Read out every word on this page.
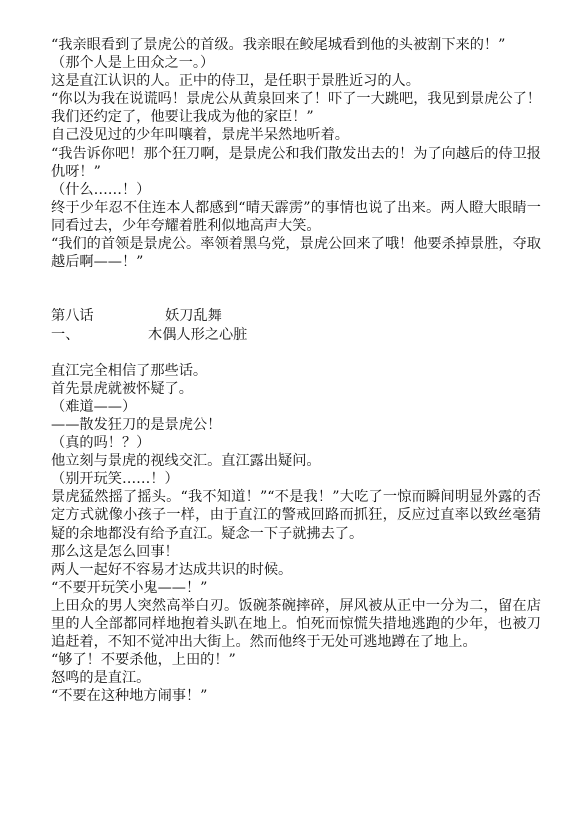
“我亲眼看到了景虎公的首级。我亲眼在鲛尾城看到他的头被割下来的！”

（那个人是上田众之一。）

这是直江认识的人。正中的侍卫，是任职于景胜近习的人。

“你以为我在说谎吗！景虎公从黄泉回来了！吓了一大跳吧，我见到景虎公了！我们还约定了，他要让我成为他的家臣！”

自己没见过的少年叫嚷着，景虎半呆然地听着。

“我告诉你吧！那个狂刀啊，是景虎公和我们散发出去的！为了向越后的侍卫报仇呀！”

（什么……！）

终于少年忍不住连本人都感到“晴天霹雳”的事情也说了出来。两人瞪大眼睛一同看过去，少年夸耀着胜利似地高声大笑。

“我们的首领是景虎公。率领着黑乌党，景虎公回来了哦！他要杀掉景胜，夺取越后啊——！”

第八话	妖刀乱舞
一、	木偶人形之心脏

直江完全相信了那些话。

首先景虎就被怀疑了。

（难道——）

——散发狂刀的是景虎公！

（真的吗！？）

他立刻与景虎的视线交汇。直江露出疑问。

（别开玩笑……！）

景虎猛然摇了摇头。“我不知道！”“不是我！”大吃了一惊而瞬间明显外露的否定方式就像小孩子一样，由于直江的警戒回路而抓狂，反应过直率以致丝毫猜疑的余地都没有给予直江。疑念一下子就拂去了。

那么这是怎么回事！

两人一起好不容易才达成共识的时候。

“不要开玩笑小鬼——！”

上田众的男人突然高举白刃。饭碗茶碗摔碎，屏风被从正中一分为二，留在店里的人全部都同样地抱着头趴在地上。怕死而惊慌失措地逃跑的少年，也被刀追赶着，不知不觉冲出大街上。然而他终于无处可逃地蹲在了地上。

“够了！不要杀他，上田的！”

怒鸣的是直江。

“不要在这种地方闹事！”
